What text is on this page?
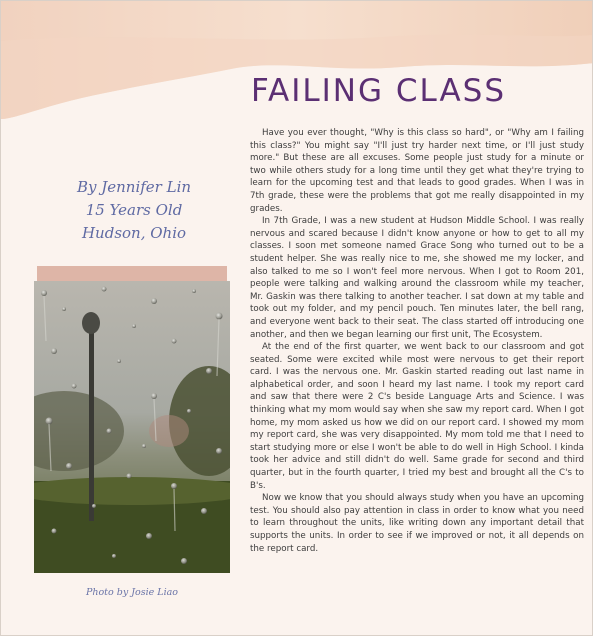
FAILING CLASS
By Jennifer Lin
15 Years Old
Hudson, Ohio
Photo by Josie Liao

Have you ever thought, "Why is this class so hard", or "Why am I failing this class?" You might say "I'll just try harder next time, or I'll just study more." But these are all excuses. Some people just study for a minute or two while others study for a long time until they get what they're trying to learn for the upcoming test and that leads to good grades. When I was in 7th grade, these were the problems that got me really disappointed in my grades.

In 7th Grade, I was a new student at Hudson Middle School. I was really nervous and scared because I didn't know anyone or how to get to all my classes. I soon met someone named Grace Song who turned out to be a student helper. She was really nice to me, she showed me my locker, and also talked to me so I won't feel more nervous. When I got to Room 201, people were talking and walking around the classroom while my teacher, Mr. Gaskin was there talking to another teacher. I sat down at my table and took out my folder, and my pencil pouch. Ten minutes later, the bell rang, and everyone went back to their seat. The class started off introducing one another, and then we began learning our first unit, The Ecosystem.

At the end of the first quarter, we went back to our classroom and got seated. Some were excited while most were nervous to get their report card. I was the nervous one. Mr. Gaskin started reading out last name in alphabetical order, and soon I heard my last name. I took my report card and saw that there were 2 C's beside Language Arts and Science. I was thinking what my mom would say when she saw my report card. When I got home, my mom asked us how we did on our report card. I showed my mom my report card, she was very disappointed. My mom told me that I need to start studying more or else I won't be able to do well in High School. I kinda took her advice and still didn't do well. Same grade for second and third quarter, but in the fourth quarter, I tried my best and brought all the C's to B's.

Now we know that you should always study when you have an upcoming test. You should also pay attention in class in order to know what you need to learn throughout the units, like writing down any important detail that supports the units. In order to see if we improved or not, it all depends on the report card.
